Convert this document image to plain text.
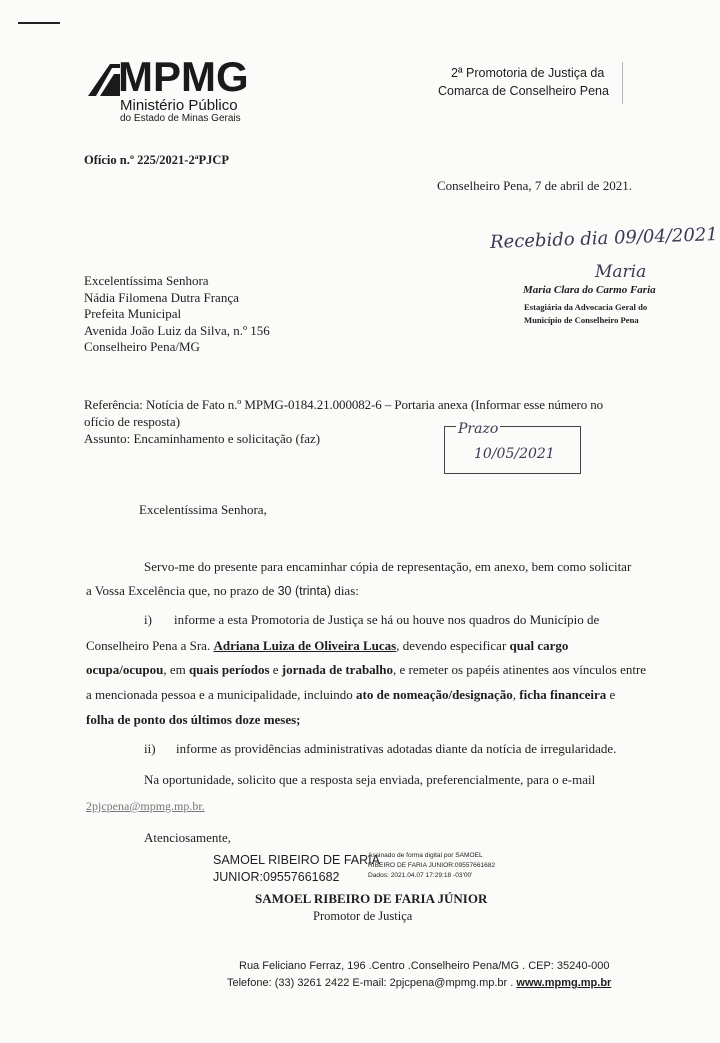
MPMG
Ministério Público
do Estado de Minas Gerais
2ª Promotoria de Justiça da
Comarca de Conselheiro Pena
Ofício n.º 225/2021-2ªPJCP
Conselheiro Pena, 7 de abril de 2021.
Recebido dia 09/04/2021
Excelentíssima Senhora
Nádia Filomena Dutra França
Prefeita Municipal
Avenida João Luiz da Silva, n.º 156
Conselheiro Pena/MG
Maria
Maria Clara do Carmo Faria
Estagiária da Advocacia Geral do
Município de Conselheiro Pena
Referência: Notícia de Fato n.º MPMG-0184.21.000082-6 – Portaria anexa (Informar esse número no
ofício de resposta)
Assunto: Encaminhamento e solicitação (faz)
Prazo
10/05/2021
Excelentíssima Senhora,
Servo-me do presente para encaminhar cópia de representação, em anexo, bem como solicitar
a Vossa Excelência que, no prazo de 30 (trinta) dias:
i) informe a esta Promotoria de Justiça se há ou houve nos quadros do Município de
Conselheiro Pena a Sra. Adriana Luiza de Oliveira Lucas, devendo especificar qual cargo
ocupa/ocupou, em quais períodos e jornada de trabalho, e remeter os papéis atinentes aos vínculos entre
a mencionada pessoa e a municipalidade, incluindo ato de nomeação/designação, ficha financeira e
folha de ponto dos últimos doze meses;
ii) informe as providências administrativas adotadas diante da notícia de irregularidade.
Na oportunidade, solicito que a resposta seja enviada, preferencialmente, para o e-mail
2pjcpena@mpmg.mp.br.
Atenciosamente,
SAMOEL RIBEIRO DE FARIA
JUNIOR:09557661682
Assinado de forma digital por SAMOEL
RIBEIRO DE FARIA JUNIOR:09557661682
Dados: 2021.04.07 17:29:18 -03'00'
SAMOEL RIBEIRO DE FARIA JÚNIOR
Promotor de Justiça
Rua Feliciano Ferraz, 196 .Centro .Conselheiro Pena/MG . CEP: 35240-000
Telefone: (33) 3261 2422 E-mail: 2pjcpena@mpmg.mp.br . www.mpmg.mp.br
